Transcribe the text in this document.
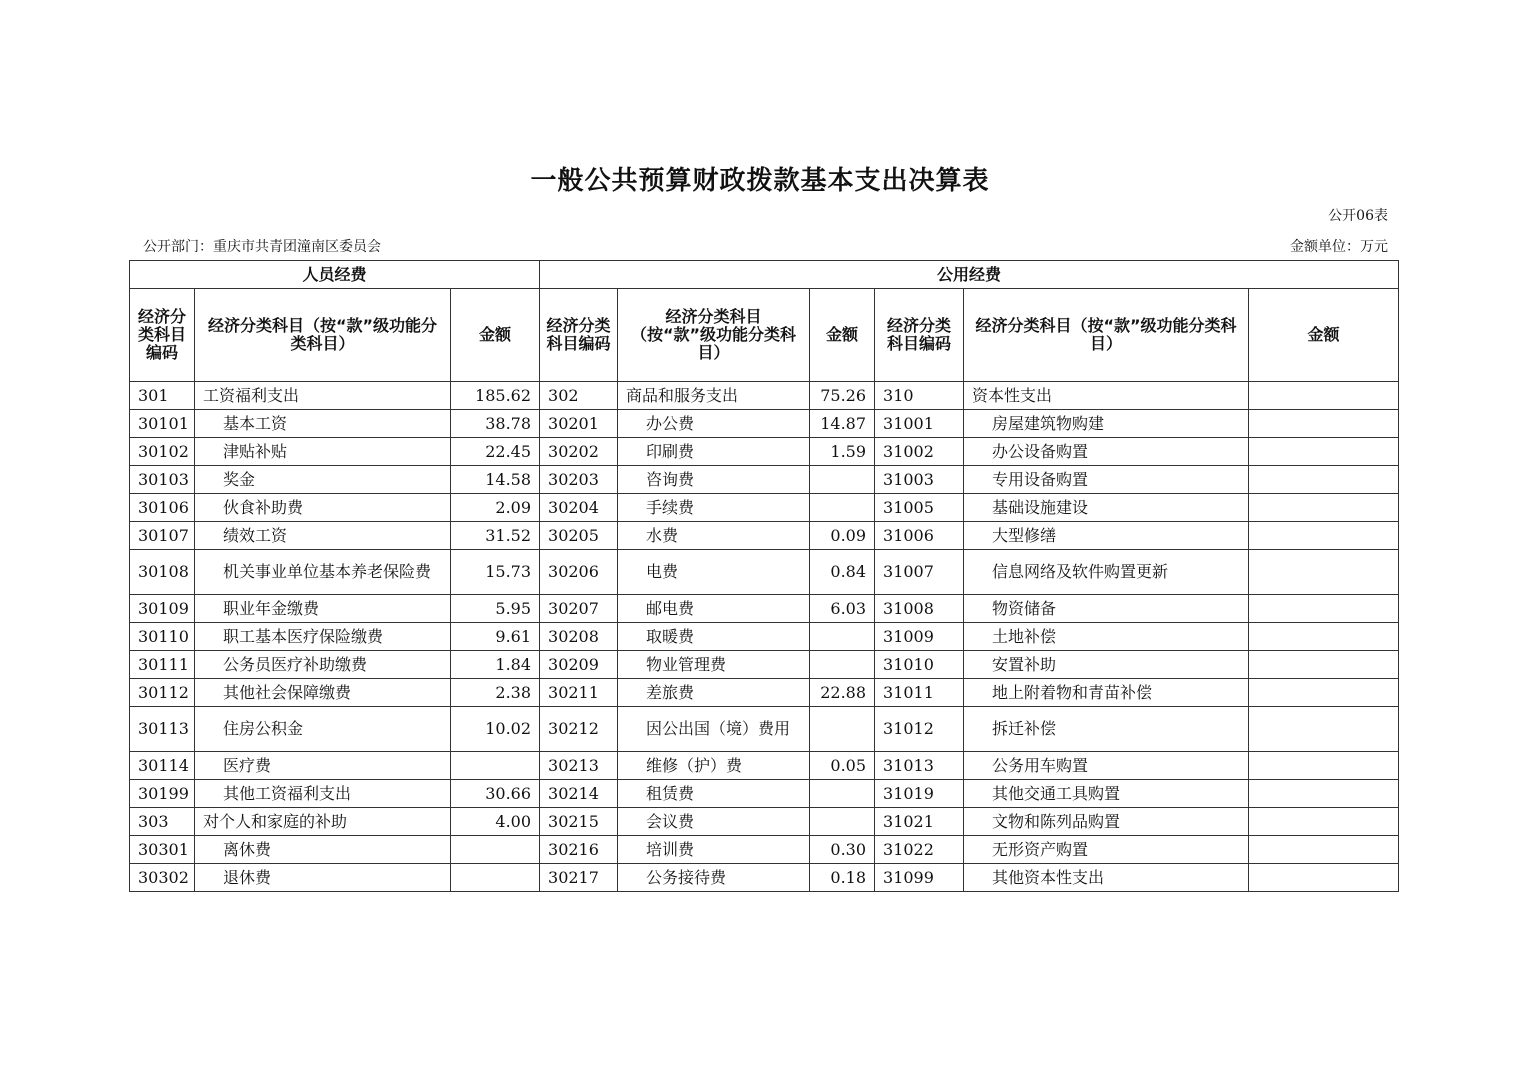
一般公共预算财政拨款基本支出决算表
公开06表
公开部门：重庆市共青团潼南区委员会	金额单位：万元
人员经费			公用经费					
经济分类科目编码	经济分类科目（按“款”级功能分类科目）	金额	经济分类科目编码	经济分类科目（按“款”级功能分类科目）	金额	经济分类科目编码	经济分类科目（按“款”级功能分类科目）	金额
301	工资福利支出	185.62	302	商品和服务支出	75.26	310	资本性支出	
30101	基本工资	38.78	30201	办公费	14.87	31001	房屋建筑物购建	
30102	津贴补贴	22.45	30202	印刷费	1.59	31002	办公设备购置	
30103	奖金	14.58	30203	咨询费		31003	专用设备购置	
30106	伙食补助费	2.09	30204	手续费		31005	基础设施建设	
30107	绩效工资	31.52	30205	水费	0.09	31006	大型修缮	
30108	机关事业单位基本养老保险费	15.73	30206	电费	0.84	31007	信息网络及软件购置更新	
30109	职业年金缴费	5.95	30207	邮电费	6.03	31008	物资储备	
30110	职工基本医疗保险缴费	9.61	30208	取暖费		31009	土地补偿	
30111	公务员医疗补助缴费	1.84	30209	物业管理费		31010	安置补助	
30112	其他社会保障缴费	2.38	30211	差旅费	22.88	31011	地上附着物和青苗补偿	
30113	住房公积金	10.02	30212	因公出国（境）费用		31012	拆迁补偿	
30114	医疗费		30213	维修（护）费	0.05	31013	公务用车购置	
30199	其他工资福利支出	30.66	30214	租赁费		31019	其他交通工具购置	
303	对个人和家庭的补助	4.00	30215	会议费		31021	文物和陈列品购置	
30301	离休费		30216	培训费	0.30	31022	无形资产购置	
30302	退休费		30217	公务接待费	0.18	31099	其他资本性支出	
